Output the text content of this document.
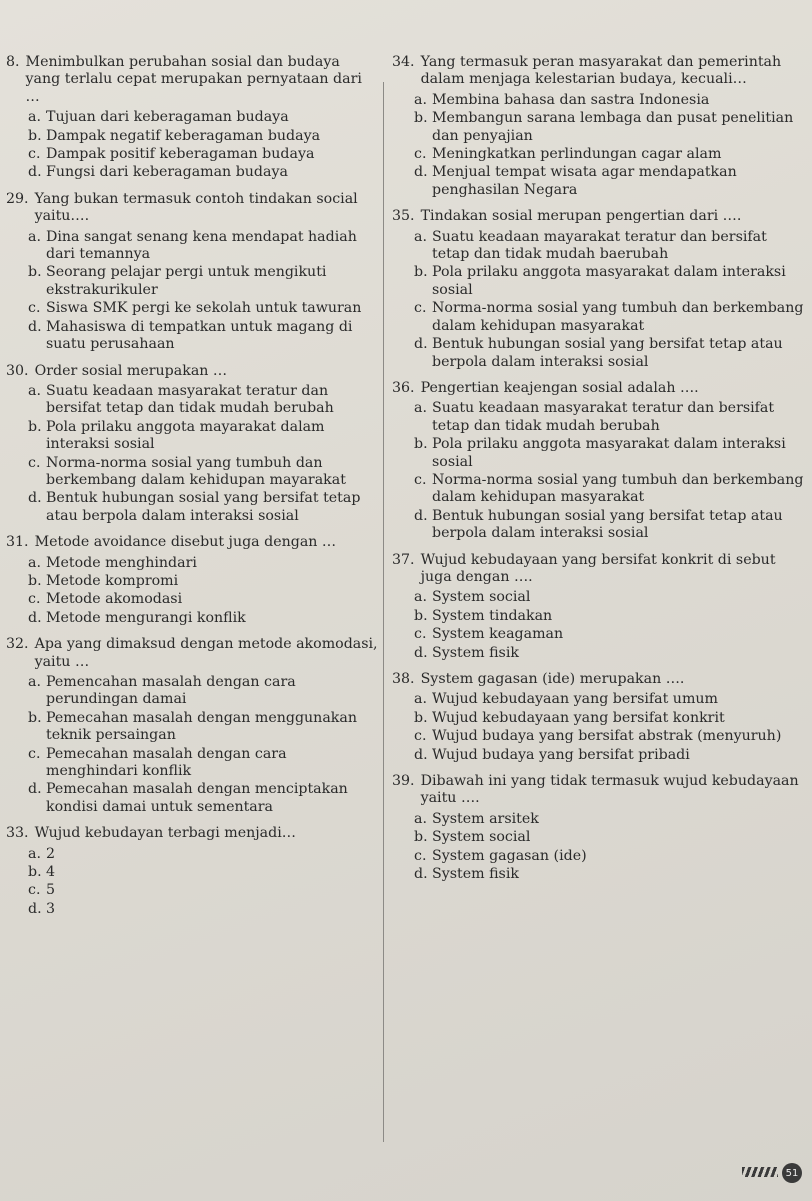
8. Menimbulkan perubahan sosial dan budaya yang terlalu cepat merupakan pernyataan dari …
a. Tujuan dari keberagaman budaya
b. Dampak negatif keberagaman budaya
c. Dampak positif keberagaman budaya
d. Fungsi dari keberagaman budaya
29. Yang bukan termasuk contoh tindakan social yaitu….
a. Dina sangat senang kena mendapat hadiah dari temannya
b. Seorang pelajar pergi untuk mengikuti ekstrakurikuler
c. Siswa SMK pergi ke sekolah untuk tawuran
d. Mahasiswa di tempatkan untuk magang di suatu perusahaan
30. Order sosial merupakan …
a. Suatu keadaan masyarakat teratur dan bersifat tetap dan tidak mudah berubah
b. Pola prilaku anggota mayarakat dalam interaksi sosial
c. Norma-norma sosial yang tumbuh dan berkembang dalam kehidupan mayarakat
d. Bentuk hubungan sosial yang bersifat tetap atau berpola dalam interaksi sosial
31. Metode avoidance disebut juga dengan …
a. Metode menghindari
b. Metode kompromi
c. Metode akomodasi
d. Metode mengurangi konflik
32. Apa yang dimaksud dengan metode akomodasi, yaitu …
a. Pemencahan masalah dengan cara perundingan damai
b. Pemecahan masalah dengan menggunakan teknik persaingan
c. Pemecahan masalah dengan cara menghindari konflik
d. Pemecahan masalah dengan menciptakan kondisi damai untuk sementara
33. Wujud kebudayan terbagi menjadi…
a. 2
b. 4
c. 5
d. 3
34. Yang termasuk peran masyarakat dan pemerintah dalam menjaga kelestarian budaya, kecuali…
a. Membina bahasa dan sastra Indonesia
b. Membangun sarana lembaga dan pusat penelitian dan penyajian
c. Meningkatkan perlindungan cagar alam
d. Menjual tempat wisata agar mendapatkan penghasilan Negara
35. Tindakan sosial merupan pengertian dari ….
a. Suatu keadaan mayarakat teratur dan bersifat tetap dan tidak mudah baerubah
b. Pola prilaku anggota masyarakat dalam interaksi sosial
c. Norma-norma sosial yang tumbuh dan berkembang dalam kehidupan masyarakat
d. Bentuk hubungan sosial yang bersifat tetap atau berpola dalam interaksi sosial
36. Pengertian keajengan sosial adalah ….
a. Suatu keadaan masyarakat teratur dan bersifat tetap dan tidak mudah berubah
b. Pola prilaku anggota masyarakat dalam interaksi sosial
c. Norma-norma sosial yang tumbuh dan berkembang dalam kehidupan masyarakat
d. Bentuk hubungan sosial yang bersifat tetap atau berpola dalam interaksi sosial
37. Wujud kebudayaan yang bersifat konkrit di sebut juga dengan ….
a. System social
b. System tindakan
c. System keagaman
d. System fisik
38. System gagasan (ide) merupakan ….
a. Wujud kebudayaan yang bersifat umum
b. Wujud kebudayaan yang bersifat konkrit
c. Wujud budaya yang bersifat abstrak (menyuruh)
d. Wujud budaya yang bersifat pribadi
39. Dibawah ini yang tidak termasuk wujud kebudayaan yaitu ….
a. System arsitek
b. System social
c. System gagasan (ide)
d. System fisik
51
